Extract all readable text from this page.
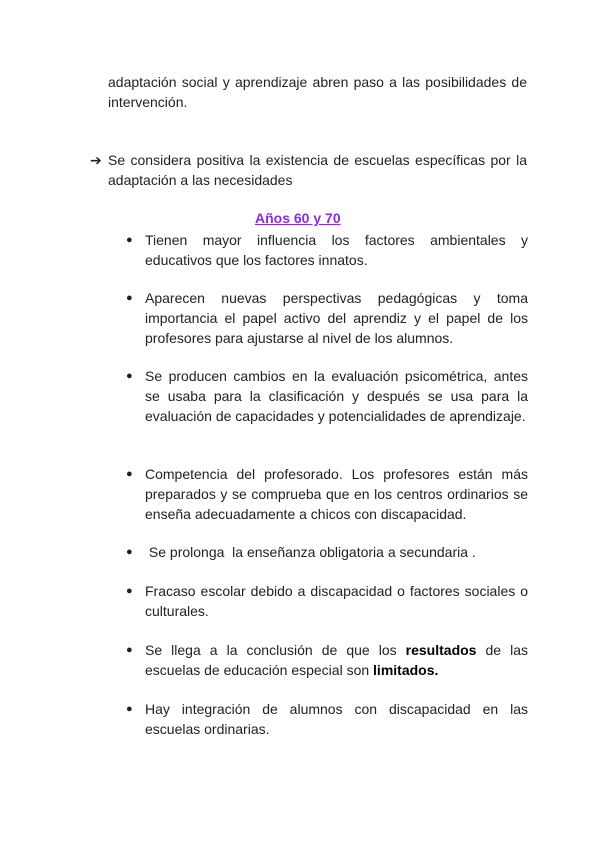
adaptación social y aprendizaje abren paso a las posibilidades de intervención.
➔ Se considera positiva la existencia de escuelas específicas por la adaptación a las necesidades
Años 60 y 70
● Tienen mayor influencia los factores ambientales y educativos que los factores innatos.
● Aparecen nuevas perspectivas pedagógicas y toma importancia el papel activo del aprendiz y el papel de los profesores para ajustarse al nivel de los alumnos.
● Se producen cambios en la evaluación psicométrica, antes se usaba para la clasificación y después se usa para la evaluación de capacidades y potencialidades de aprendizaje.
● Competencia del profesorado. Los profesores están más preparados y se comprueba que en los centros ordinarios se enseña adecuadamente a chicos con discapacidad.
● Se prolonga  la enseñanza obligatoria a secundaria .
● Fracaso escolar debido a discapacidad o factores sociales o culturales.
● Se llega a la conclusión de que los resultados de las escuelas de educación especial son limitados.
● Hay integración de alumnos con discapacidad en las escuelas ordinarias.
